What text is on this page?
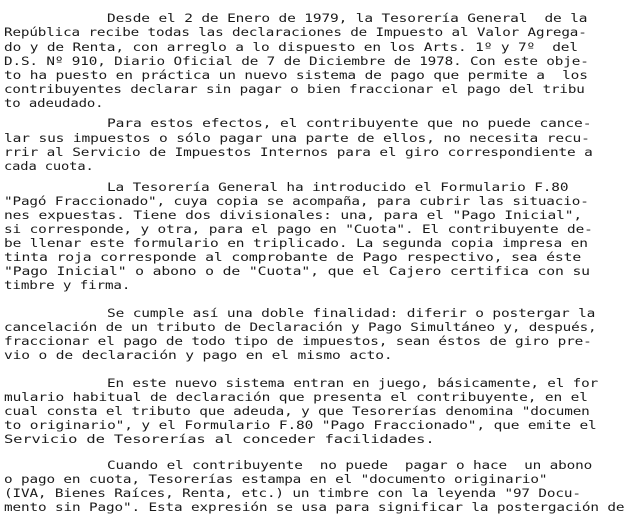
Desde el 2 de Enero de 1979, la Tesorería General  de la
República recibe todas las declaraciones de Impuesto al Valor Agrega-
do y de Renta, con arreglo a lo dispuesto en los Arts. 1º y 7º  del
D.S. Nº 910, Diario Oficial de 7 de Diciembre de 1978. Con este obje-
to ha puesto en práctica un nuevo sistema de pago que permite a  los
contribuyentes declarar sin pagar o bien fraccionar el pago del tribu
to adeudado.
Para estos efectos, el contribuyente que no puede cance-
lar sus impuestos o sólo pagar una parte de ellos, no necesita recu-
rrir al Servicio de Impuestos Internos para el giro correspondiente a
cada cuota.
La Tesorería General ha introducido el Formulario F.80
"Pagó Fraccionado", cuya copia se acompaña, para cubrir las situacio-
nes expuestas. Tiene dos divisionales: una, para el "Pago Inicial",
si corresponde, y otra, para el pago en "Cuota". El contribuyente de-
be llenar este formulario en triplicado. La segunda copia impresa en
tinta roja corresponde al comprobante de Pago respectivo, sea éste
"Pago Inicial" o abono o de "Cuota", que el Cajero certifica con su
timbre y firma.
Se cumple así una doble finalidad: diferir o postergar la
cancelación de un tributo de Declaración y Pago Simultáneo y, después,
fraccionar el pago de todo tipo de impuestos, sean éstos de giro pre-
vio o de declaración y pago en el mismo acto.
En este nuevo sistema entran en juego, básicamente, el for
mulario habitual de declaración que presenta el contribuyente, en el
cual consta el tributo que adeuda, y que Tesorerías denomina "documen
to originario", y el Formulario F.80 "Pago Fraccionado", que emite el
Servicio de Tesorerías al conceder facilidades.
Cuando el contribuyente  no puede  pagar o hace  un abono
o pago en cuota, Tesorerías estampa en el "documento originario"
(IVA, Bienes Raíces, Renta, etc.) un timbre con la leyenda "97 Docu-
mento sin Pago". Esta expresión se usa para significar la postergación de
